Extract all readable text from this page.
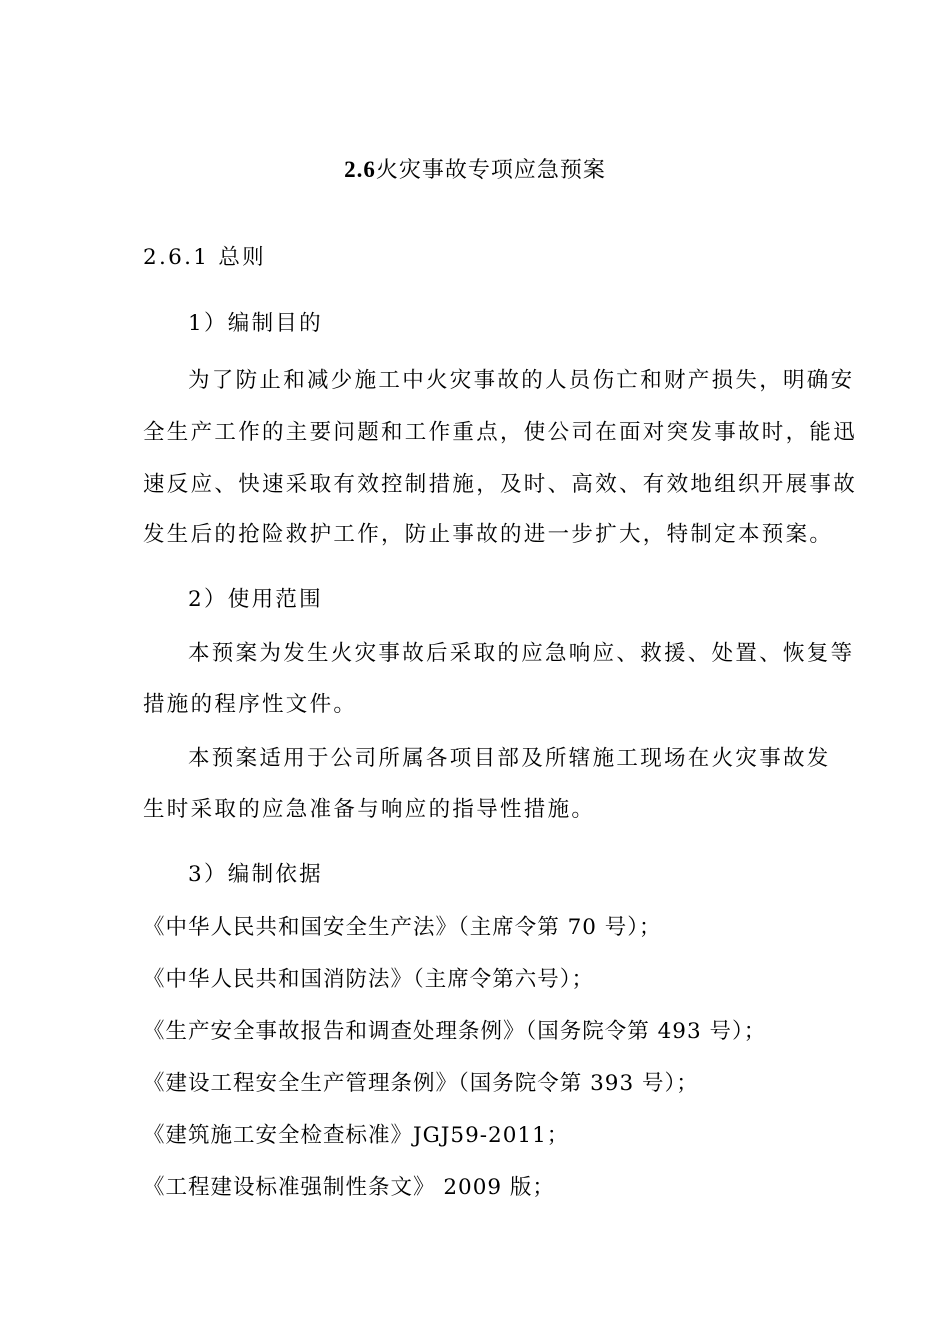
2.6火灾事故专项应急预案
2.6.1 总则
1）编制目的
为了防止和减少施工中火灾事故的人员伤亡和财产损失，明确安
全生产工作的主要问题和工作重点，使公司在面对突发事故时，能迅
速反应、快速采取有效控制措施，及时、高效、有效地组织开展事故
发生后的抢险救护工作，防止事故的进一步扩大，特制定本预案。
2）使用范围
本预案为发生火灾事故后采取的应急响应、救援、处置、恢复等
措施的程序性文件。
本预案适用于公司所属各项目部及所辖施工现场在火灾事故发
生时采取的应急准备与响应的指导性措施。
3）编制依据
《中华人民共和国安全生产法》（主席令第 70 号）；
《中华人民共和国消防法》（主席令第六号）；
《生产安全事故报告和调查处理条例》（国务院令第 493 号）；
《建设工程安全生产管理条例》（国务院令第 393 号）；
《建筑施工安全检查标准》JGJ59-2011；
《工程建设标准强制性条文》 2009 版；
